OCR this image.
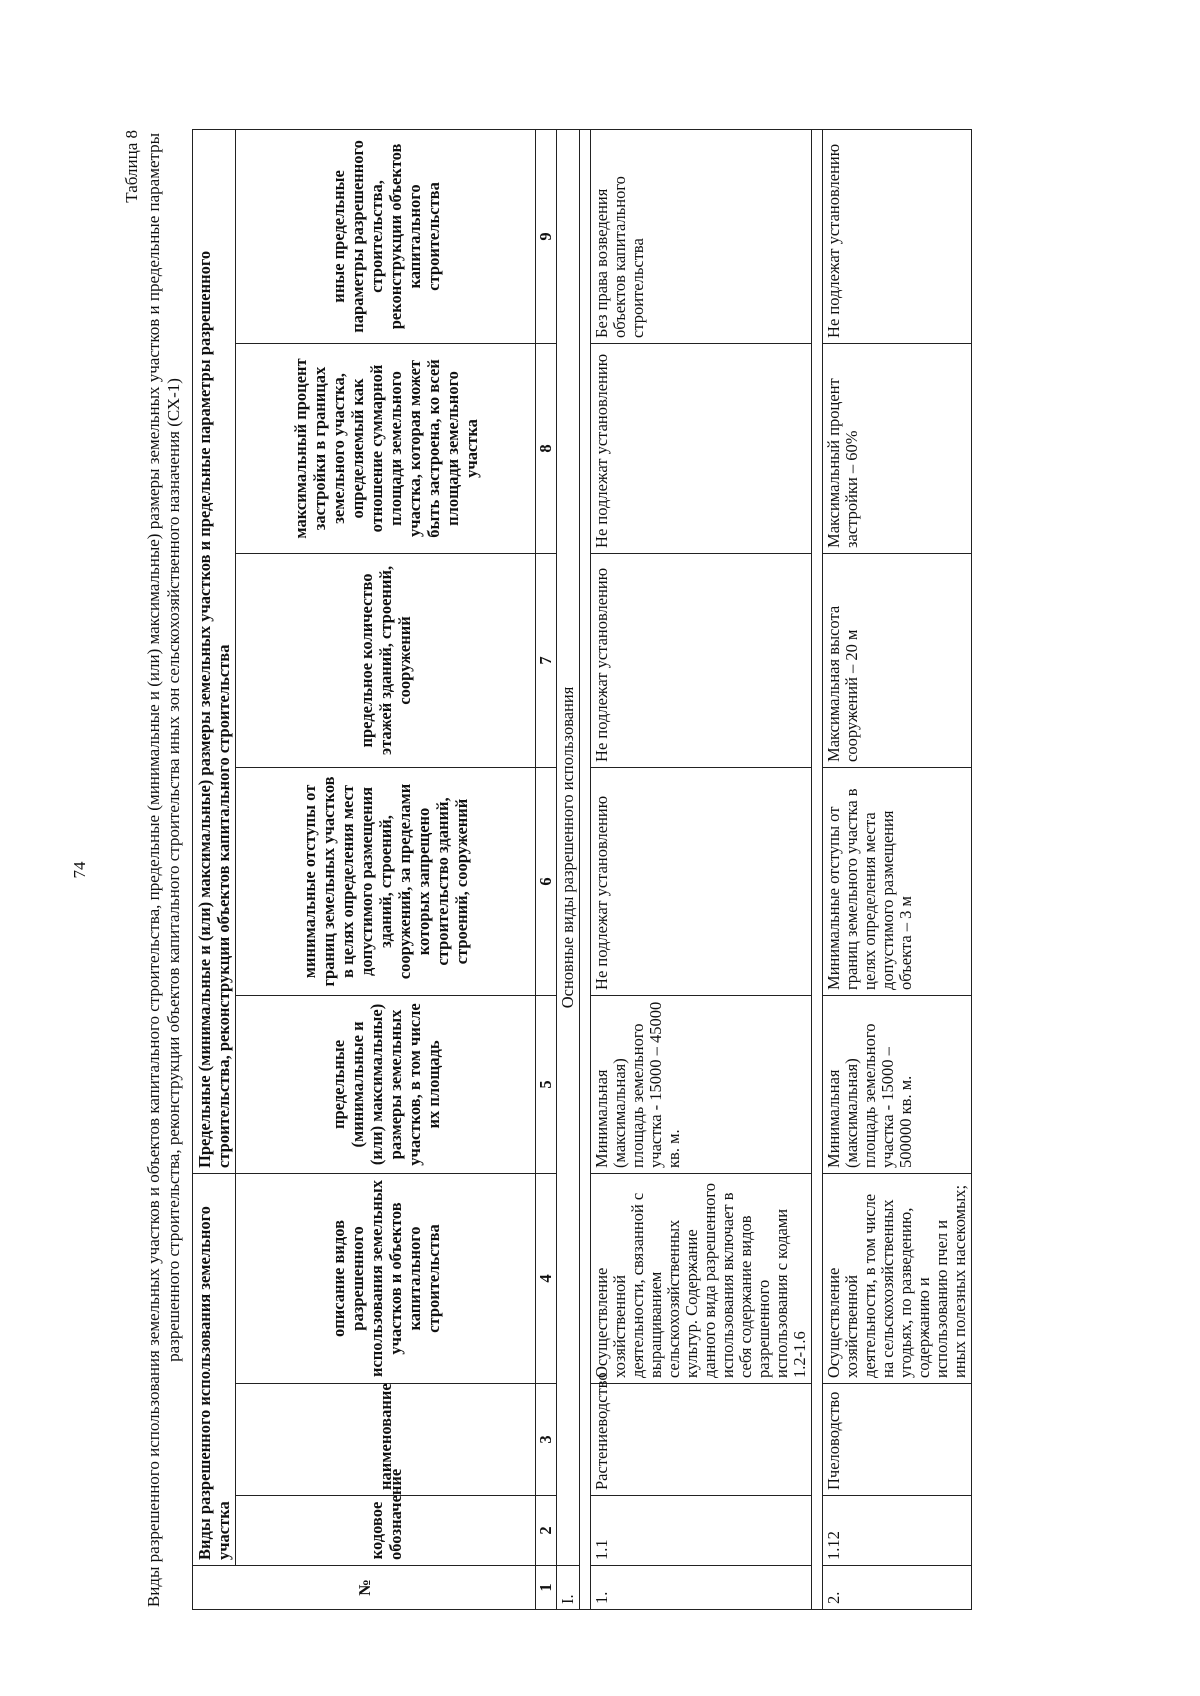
74
Таблица 8 Виды разрешенного использования земельных участков и объектов капитального строительства, предельные (минимальные и (или) максимальные) размеры земельных участков и предельные параметры разрешенного строительства, реконструкции объектов капитального строительства иных зон сельскохозяйственного назначения (СХ-1)
№	Виды разрешенного использования земельного участка			Предельные (минимальные и (или) максимальные) размеры земельных участков и предельные параметры разрешенного строительства, реконструкции объектов капитального строительства				
	кодовое обозначение	наименование	описание видов разрешенного использования земельных участков и объектов капитального строительства	предельные (минимальные и (или) максимальные) размеры земельных участков, в том числе их площадь	минимальные отступы от границ земельных участков в целях определения мест допустимого размещения зданий, строений, сооружений, за пределами которых запрещено строительство зданий, строений, сооружений	предельное количество этажей зданий, строений, сооружений	максимальный процент застройки в границах земельного участка, определяемый как отношение суммарной площади земельного участка, которая может быть застроена, ко всей площади земельного участка	иные предельные параметры разрешенного строительства, реконструкции объектов капитального строительства
1	2	3	4	5	6	7	8	9
I.	Основные виды разрешенного использования							

1.	1.1	Растениеводство	Осуществление хозяйственной деятельности, связанной с выращиванием сельскохозяйственных культур. Содержание данного вида разрешенного использования включает в себя содержание видов разрешенного использования с кодами 1.2-1.6	Минимальная (максимальная) площадь земельного участка - 15000 – 45000 кв. м.	Не подлежат установлению	Не подлежат установлению	Не подлежат установлению	Без права возведения объектов капитального строительства

2.	1.12	Пчеловодство	Осуществление хозяйственной деятельности, в том числе на сельскохозяйственных угодьях, по разведению, содержанию и использованию пчел и иных полезных насекомых;	Минимальная (максимальная) площадь земельного участка - 15000 – 500000 кв. м.	Минимальные отступы от границ земельного участка в целях определения места допустимого размещения объекта – 3 м	Максимальная высота сооружений – 20 м	Максимальный процент застройки – 60%	Не подлежат установлению
